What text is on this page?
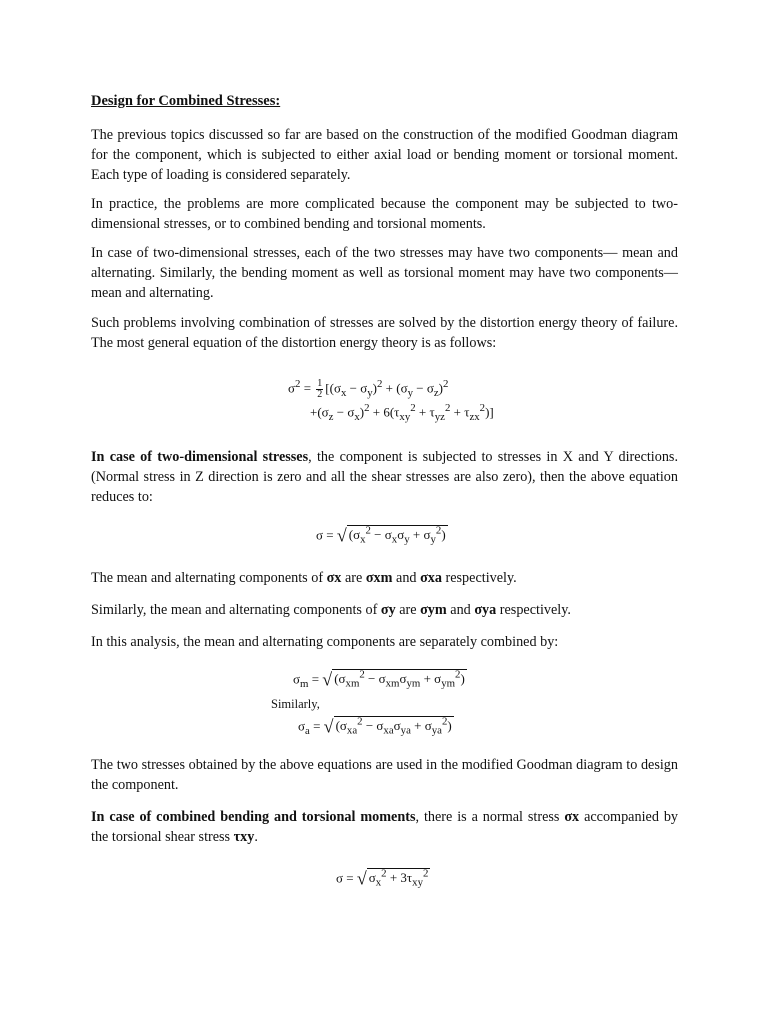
Design for Combined Stresses:

The previous topics discussed so far are based on the construction of the modified Goodman diagram for the component, which is subjected to either axial load or bending moment or torsional moment. Each type of loading is considered separately.

In practice, the problems are more complicated because the component may be subjected to two-dimensional stresses, or to combined bending and torsional moments.

In case of two-dimensional stresses, each of the two stresses may have two components— mean and alternating. Similarly, the bending moment as well as torsional moment may have two components— mean and alternating.

Such problems involving combination of stresses are solved by the distortion energy theory of failure. The most general equation of the distortion energy theory is as follows:

$\sigma^2 = \frac{1}{2} [(\sigma_x - \sigma_y)^2 + (\sigma_y - \sigma_z)^2$
$+(\sigma_z - \sigma_x)^2 + 6(\tau_{xy}^2 + \tau_{yz}^2 + \tau_{zx}^2)$]

In case of two-dimensional stresses, the component is subjected to stresses in X and Y directions.(Normal stress in Z direction is zero and all the shear stresses are also zero), then the above equation reduces to:

σ = √ $(\sigma_x^2 - \sigma_x\sigma_y + \sigma_y^2)$

The mean and alternating components of σx are σxm and σxa respectively.

Similarly, the mean and alternating components of σy are σym and σya respectively.

In this analysis, the mean and alternating components are separately combined by:

$\sigma_m$ = √ $(\sigma_{xm}^2 - \sigma_{xm}\sigma_{ym} + \sigma_{ym}^2)$
Similarly,
$\sigma_a$ = √ $(\sigma_{xa}^2 - \sigma_{xa}\sigma_{ya} + \sigma_{ya}^2)$

The two stresses obtained by the above equations are used in the modified Goodman diagram to design the component.

In case of combined bending and torsional moments, there is a normal stress σx accompanied by the torsional shear stress τxy.

σ = √ $\sigma_x^2 + 3\tau_{xy}^2$
